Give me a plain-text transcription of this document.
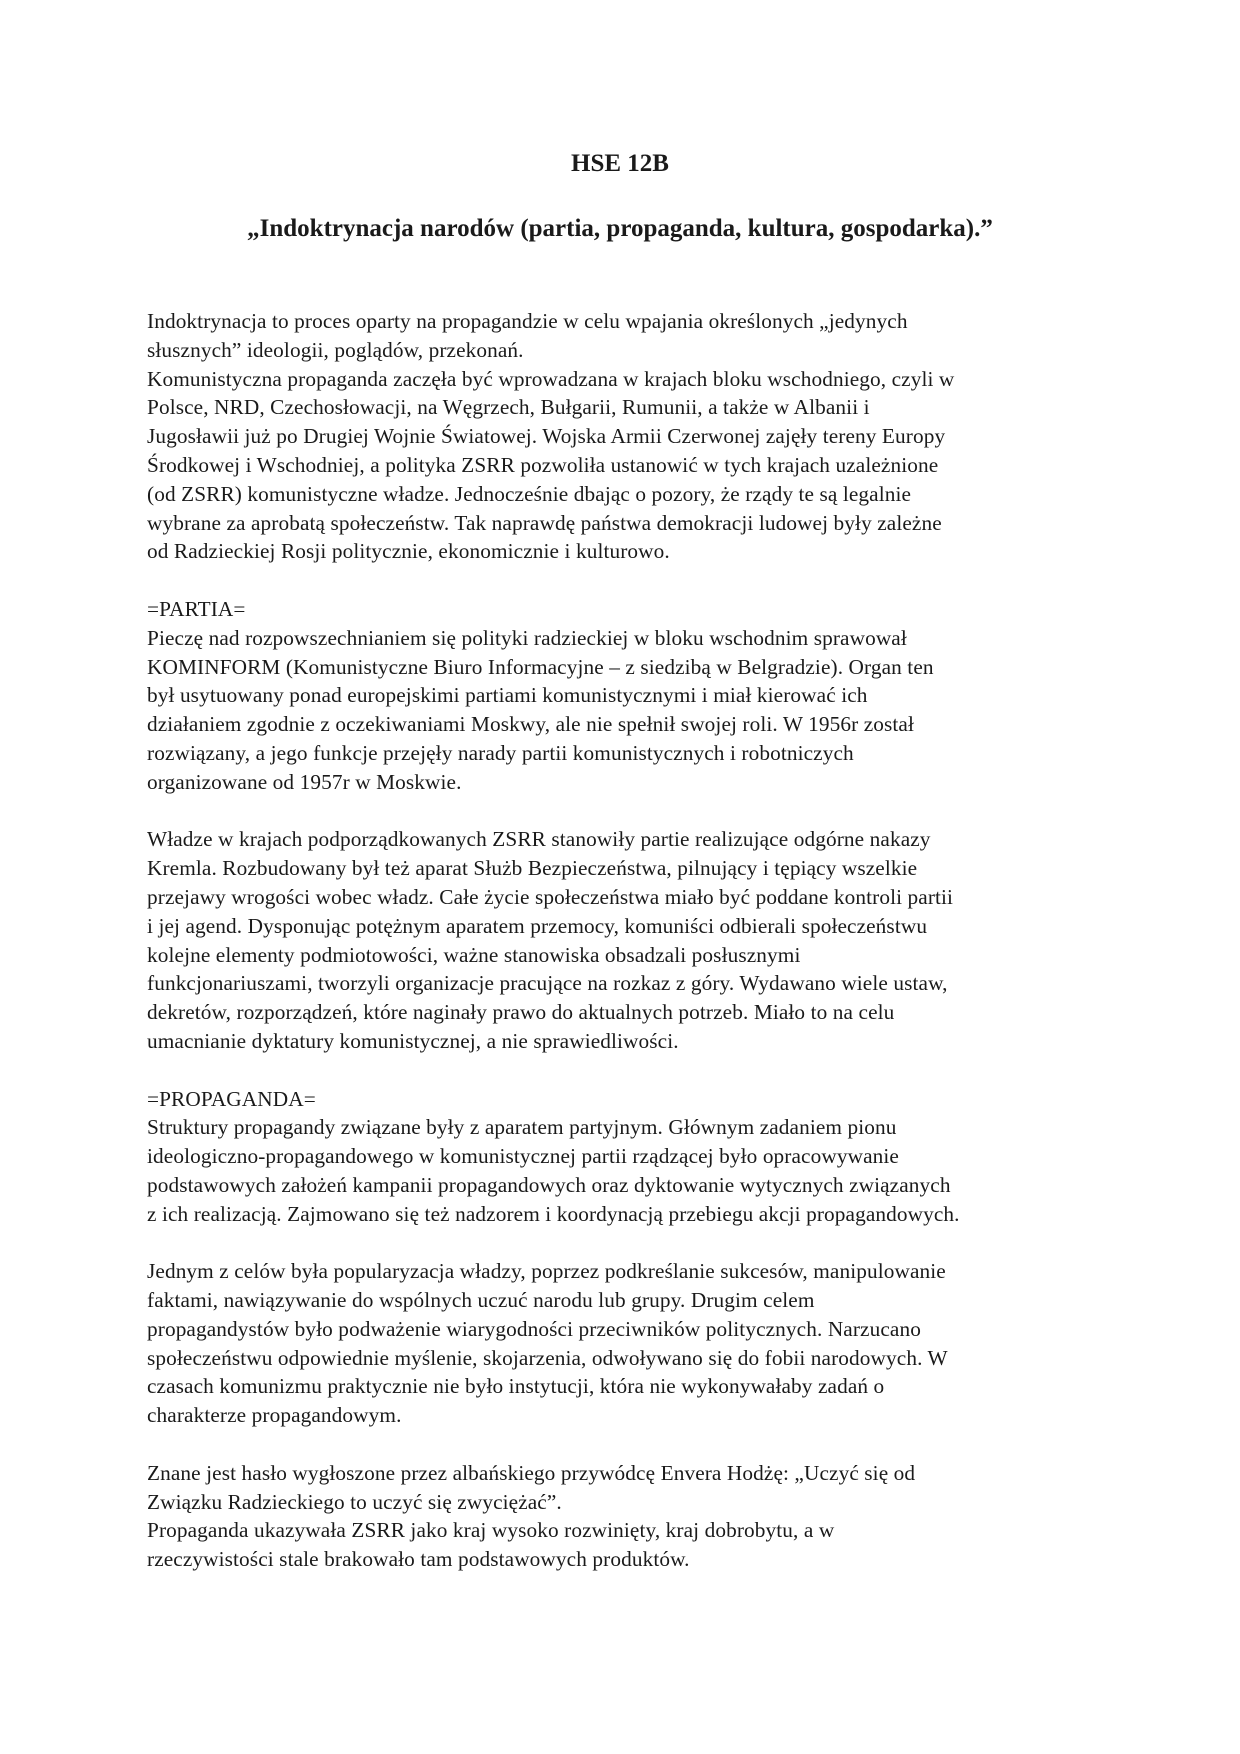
HSE 12B
„Indoktrynacja narodów (partia, propaganda, kultura, gospodarka).”
Indoktrynacja to proces oparty na propagandzie w celu wpajania określonych „jedynych
słusznych” ideologii, poglądów, przekonań.
Komunistyczna propaganda zaczęła być wprowadzana w krajach bloku wschodniego, czyli w
Polsce, NRD, Czechosłowacji, na Węgrzech, Bułgarii, Rumunii, a także w Albanii i
Jugosławii już po Drugiej Wojnie Światowej. Wojska Armii Czerwonej zajęły tereny Europy
Środkowej i Wschodniej, a polityka ZSRR pozwoliła ustanowić w tych krajach uzależnione
(od ZSRR) komunistyczne władze. Jednocześnie dbając o pozory, że rządy te są legalnie
wybrane za aprobatą społeczeństw. Tak naprawdę państwa demokracji ludowej były zależne
od Radzieckiej Rosji politycznie, ekonomicznie i kulturowo.
=PARTIA=
Pieczę nad rozpowszechnianiem się polityki radzieckiej w bloku wschodnim sprawował
KOMINFORM (Komunistyczne Biuro Informacyjne – z siedzibą w Belgradzie). Organ ten
był usytuowany ponad europejskimi partiami komunistycznymi i miał kierować ich
działaniem zgodnie z oczekiwaniami Moskwy, ale nie spełnił swojej roli. W 1956r został
rozwiązany, a jego funkcje przejęły narady partii komunistycznych i robotniczych
organizowane od 1957r w Moskwie.
Władze w krajach podporządkowanych ZSRR stanowiły partie realizujące odgórne nakazy
Kremla. Rozbudowany był też aparat Służb Bezpieczeństwa, pilnujący i tępiący wszelkie
przejawy wrogości wobec władz. Całe życie społeczeństwa miało być poddane kontroli partii
i jej agend. Dysponując potężnym aparatem przemocy, komuniści odbierali społeczeństwu
kolejne elementy podmiotowości, ważne stanowiska obsadzali posłusznymi
funkcjonariuszami, tworzyli organizacje pracujące na rozkaz z góry. Wydawano wiele ustaw,
dekretów, rozporządzeń, które naginały prawo do aktualnych potrzeb. Miało to na celu
umacnianie dyktatury komunistycznej, a nie sprawiedliwości.
=PROPAGANDA=
Struktury propagandy związane były z aparatem partyjnym. Głównym zadaniem pionu
ideologiczno-propagandowego w komunistycznej partii rządzącej było opracowywanie
podstawowych założeń kampanii propagandowych oraz dyktowanie wytycznych związanych
z ich realizacją. Zajmowano się też nadzorem i koordynacją przebiegu akcji propagandowych.
Jednym z celów była popularyzacja władzy, poprzez podkreślanie sukcesów, manipulowanie
faktami, nawiązywanie do wspólnych uczuć narodu lub grupy. Drugim celem
propagandystów było podważenie wiarygodności przeciwników politycznych. Narzucano
społeczeństwu odpowiednie myślenie, skojarzenia, odwoływano się do fobii narodowych. W
czasach komunizmu praktycznie nie było instytucji, która nie wykonywałaby zadań o
charakterze propagandowym.
Znane jest hasło wygłoszone przez albańskiego przywódcę Envera Hodżę: „Uczyć się od
Związku Radzieckiego to uczyć się zwyciężać”.
Propaganda ukazywała ZSRR jako kraj wysoko rozwinięty, kraj dobrobytu, a w
rzeczywistości stale brakowało tam podstawowych produktów.
